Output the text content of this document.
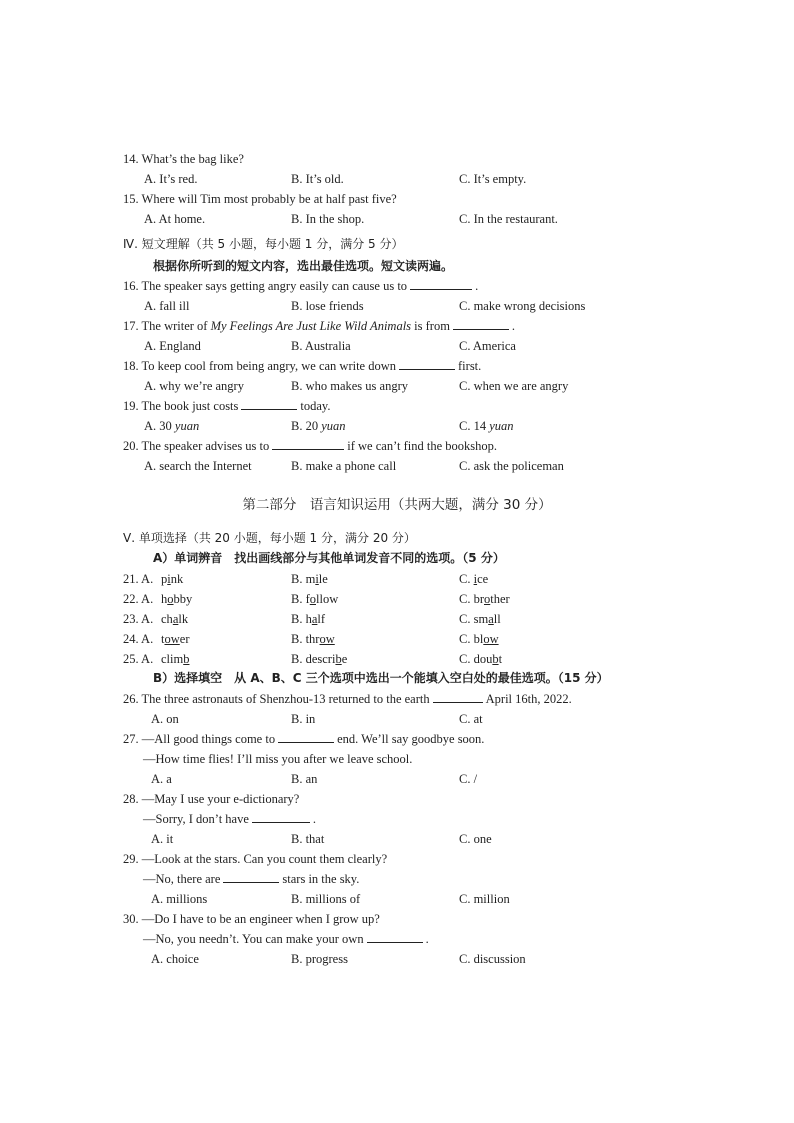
14. What’s the bag like?
A. It’s red.	B. It’s old.	C. It’s empty.
15. Where will Tim most probably be at half past five?
A. At home.	B. In the shop.	C. In the restaurant.
Ⅳ. 短文理解（共 5 小题，每小题 1 分，满分 5 分）
根据你所听到的短文内容，选出最佳选项。短文读两遍。
16. The speaker says getting angry easily can cause us to	.
A. fall ill	B. lose friends	C. make wrong decisions
17. The writer of My Feelings Are Just Like Wild Animals is from	.
A. England	B. Australia	C. America
18. To keep cool from being angry, we can write down	first.
A. why we’re angry	B. who makes us angry	C. when we are angry
19. The book just costs	today.
A. 30 yuan	B. 20 yuan	C. 14 yuan
20. The speaker advises us to	if we can’t find the bookshop.
A. search the Internet	B. make a phone call	C. ask the policeman
第二部分　语言知识运用（共两大题，满分 30 分）
Ⅴ. 单项选择（共 20 小题，每小题 1 分，满分 20 分）
A）单词辨音　找出画线部分与其他单词发音不同的选项。（5 分）
21. A. pink	B. mile	C. ice
22. A. hobby	B. follow	C. brother
23. A. chalk	B. half	C. small
24. A. tower	B. throw	C. blow
25. A. climb	B. describe	C. doubt
B）选择填空　从 A、B、C 三个选项中选出一个能填入空白处的最佳选项。（15 分）
26. The three astronauts of Shenzhou-13 returned to the earth	April 16th, 2022.
A. on	B. in	C. at
27. —All good things come to	end. We’ll say goodbye soon.
—How time flies! I’ll miss you after we leave school.
A. a	B. an	C. /
28. —May I use your e-dictionary?
—Sorry, I don’t have	.
A. it	B. that	C. one
29. —Look at the stars. Can you count them clearly?
—No, there are	stars in the sky.
A. millions	B. millions of	C. million
30. —Do I have to be an engineer when I grow up?
—No, you needn’t. You can make your own	.
A. choice	B. progress	C. discussion
